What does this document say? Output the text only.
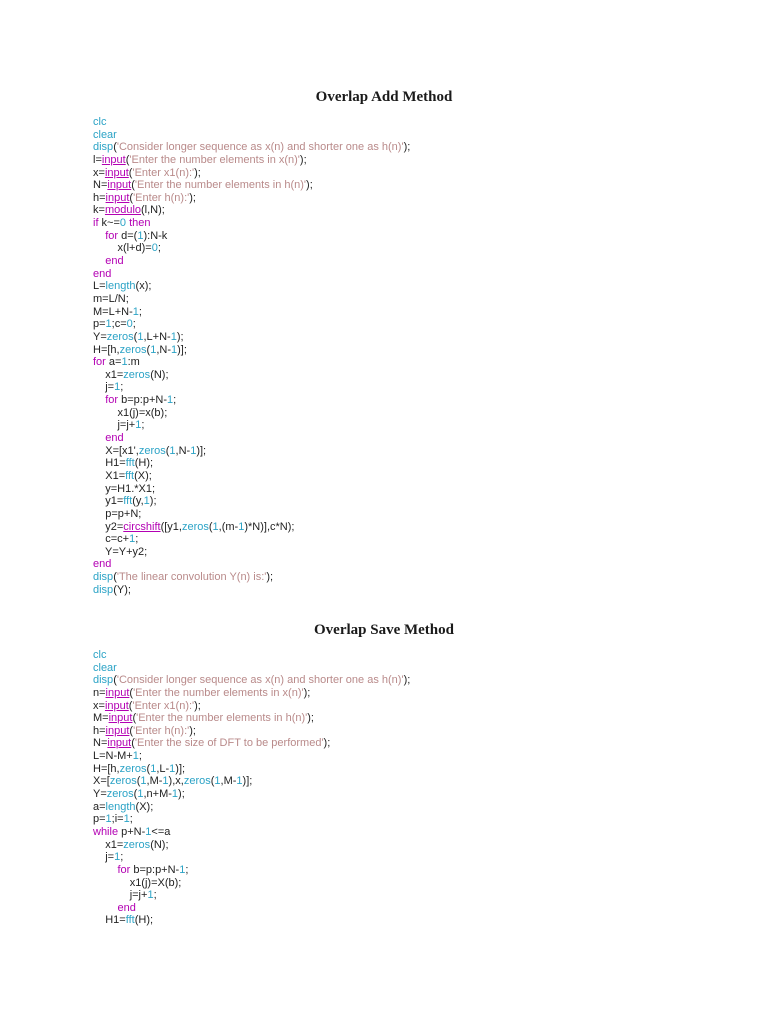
Overlap Add Method
clc
clear
disp('Consider longer sequence as x(n) and shorter one as h(n)');
l=input('Enter the number elements in x(n)');
x=input('Enter x1(n):');
N=input('Enter the number elements in h(n)');
h=input('Enter h(n):');
k=modulo(l,N);
if k~=0 then
for d=(1):N-k
x(l+d)=0;
end
end
L=length(x);
m=L/N;
M=L+N-1;
p=1;c=0;
Y=zeros(1,L+N-1);
H=[h,zeros(1,N-1)];
for a=1:m
x1=zeros(N);
j=1;
for b=p:p+N-1;
x1(j)=x(b);
j=j+1;
end
X=[x1',zeros(1,N-1)];
H1=fft(H);
X1=fft(X);
y=H1.*X1;
y1=fft(y,1);
p=p+N;
y2=circshift([y1,zeros(1,(m-1)*N)],c*N);
c=c+1;
Y=Y+y2;
end
disp('The linear convolution Y(n) is:');
disp(Y);
Overlap Save Method
clc
clear
disp('Consider longer sequence as x(n) and shorter one as h(n)');
n=input('Enter the number elements in x(n)');
x=input('Enter x1(n):');
M=input('Enter the number elements in h(n)');
h=input('Enter h(n):');
N=input('Enter the size of DFT to be performed');
L=N-M+1;
H=[h,zeros(1,L-1)];
X=[zeros(1,M-1),x,zeros(1,M-1)];
Y=zeros(1,n+M-1);
a=length(X);
p=1;i=1;
while p+N-1<=a
x1=zeros(N);
j=1;
for b=p:p+N-1;
x1(j)=X(b);
j=j+1;
end
H1=fft(H);
